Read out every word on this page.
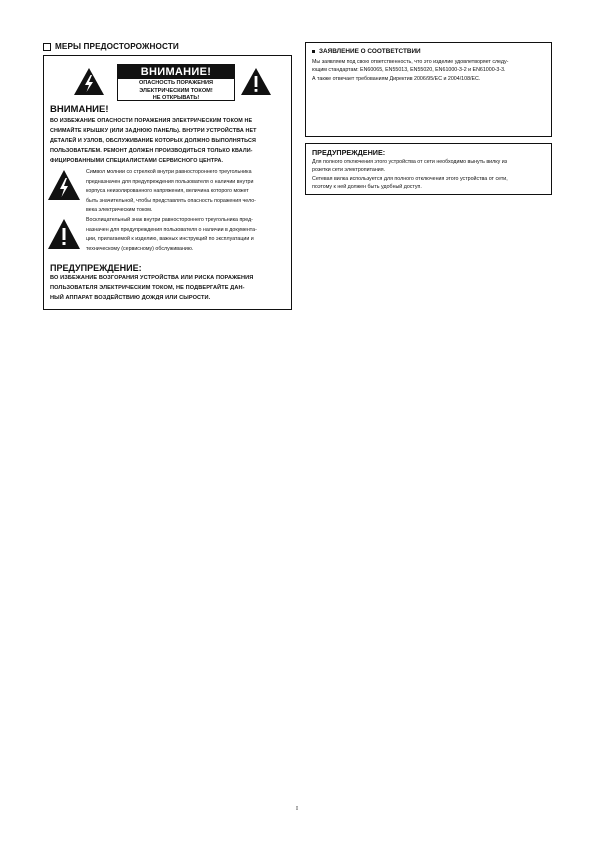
МЕРЫ ПРЕДОСТОРОЖНОСТИ
ВНИМАНИЕ!
ОПАСНОСТЬ ПОРАЖЕНИЯ
ЭЛЕКТРИЧЕСКИМ ТОКОМ!
НЕ ОТКРЫВАТЬ!
ВНИМАНИЕ!
ВО ИЗБЕЖАНИЕ ОПАСНОСТИ ПОРАЖЕНИЯ ЭЛЕКТРИЧЕСКИМ ТОКОМ НЕ
СНИМАЙТЕ КРЫШКУ (ИЛИ ЗАДНЮЮ ПАНЕЛЬ). ВНУТРИ УСТРОЙСТВА НЕТ
ДЕТАЛЕЙ И УЗЛОВ, ОБСЛУЖИВАНИЕ КОТОРЫХ ДОЛЖНО ВЫПОЛНЯТЬСЯ
ПОЛЬЗОВАТЕЛЕМ. РЕМОНТ ДОЛЖЕН ПРОИЗВОДИТЬСЯ ТОЛЬКО КВАЛИ-
ФИЦИРОВАННЫМИ СПЕЦИАЛИСТАМИ СЕРВИСНОГО ЦЕНТРА.
Символ молнии со стрелкой внутри равностороннего треугольника
предназначен для предупреждения пользователя о наличии внутри
корпуса неизолированного напряжения, величина которого может
быть значительной, чтобы представлять опасность поражения чело-
века электрическим током.
Восклицательный знак внутри равностороннего треугольника пред-
назначен для предупреждения пользователя о наличии в документа-
ции, прилагаемой к изделию, важных инструкций по эксплуатации и
техническому (сервисному) обслуживанию.
ПРЕДУПРЕЖДЕНИЕ:
ВО ИЗБЕЖАНИЕ ВОЗГОРАНИЯ УСТРОЙСТВА ИЛИ РИСКА ПОРАЖЕНИЯ
ПОЛЬЗОВАТЕЛЯ ЭЛЕКТРИЧЕСКИМ ТОКОМ, НЕ ПОДВЕРГАЙТЕ ДАН-
НЫЙ АППАРАТ ВОЗДЕЙСТВИЮ ДОЖДЯ ИЛИ СЫРОСТИ.
ЗАЯВЛЕНИЕ О СООТВЕТСТВИИ
Мы заявляем под свою ответственность, что это изделие удовлетворяет следу-
ющим стандартам: EN60065, EN55013, EN55020, EN61000-3-2 и EN61000-3-3.
А также отвечает требованиям Директив 2006/95/EC и 2004/108/EC.
ПРЕДУПРЕЖДЕНИЕ:
Для полного отключения этого устройства от сети необходимо вынуть вилку из
розетки сети электропитания.
Сетевая вилка используется для полного отключения этого устройства от сети,
поэтому к ней должен быть удобный доступ.
I
